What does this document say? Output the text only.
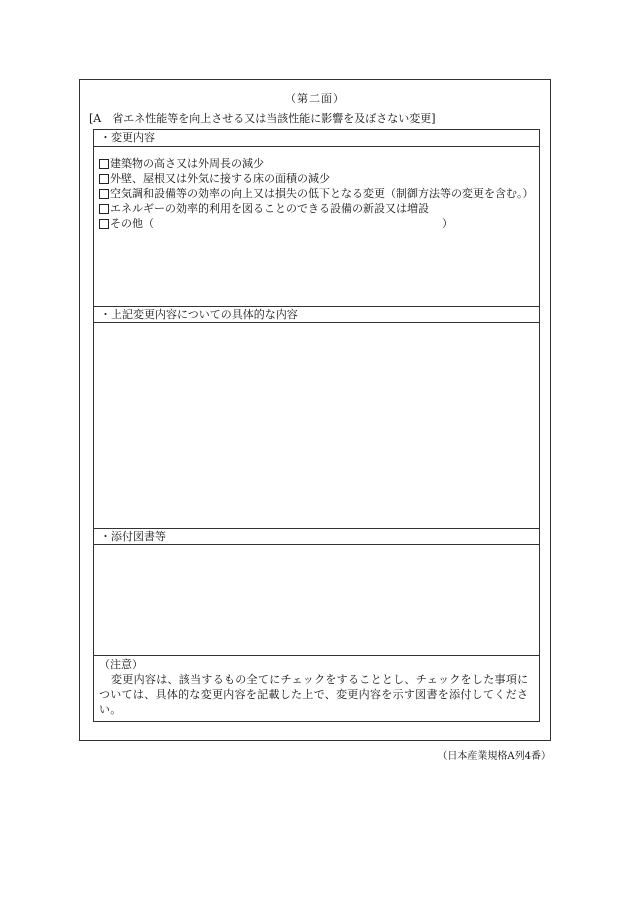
（第二面）
[A　省エネ性能等を向上させる又は当該性能に影響を及ぼさない変更]
・変更内容
建築物の高さ又は外周長の減少
外壁、屋根又は外気に接する床の面積の減少
空気調和設備等の効率の向上又は損失の低下となる変更（制御方法等の変更を含む。）
エネルギーの効率的利用を図ることのできる設備の新設又は増設
その他（	）
・上記変更内容についての具体的な内容
・添付図書等
（注意）
変更内容は、該当するもの全てにチェックをすることとし、チェックをした事項については、具体的な変更内容を記載した上で、変更内容を示す図書を添付してください。
（日本産業規格A列4番）
